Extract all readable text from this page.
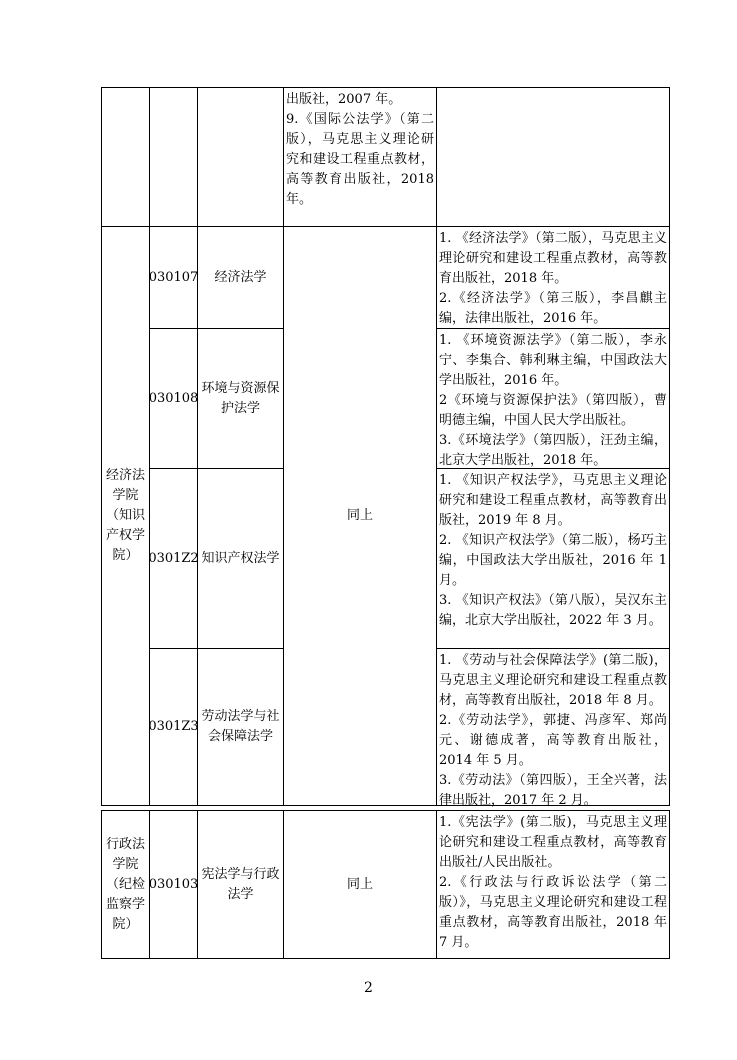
出版社，2007 年。
9.《国际公法学》（第二版），马克思主义理论研究和建设工程重点教材，高等教育出版社，2018 年。
经济法
学院
（知识
产权学
院）
030107	经济法学
030108
环境与资源保
护法学
0301Z2 知识产权法学
0301Z3
劳动法学与社
会保障法学
同上
1. 《经济法学》（第二版），马克思主义理论研究和建设工程重点教材，高等教育出版社，2018 年。
2.《经济法学》（第三版），李昌麒主编，法律出版社，2016 年。
1. 《环境资源法学》（第二版），李永宁、李集合、韩利琳主编，中国政法大学出版社，2016 年。
2《环境与资源保护法》（第四版），曹明德主编，中国人民大学出版社。
3.《环境法学》（第四版），汪劲主编，北京大学出版社，2018 年。
1. 《知识产权法学》，马克思主义理论研究和建设工程重点教材，高等教育出版社，2019 年 8 月。
2. 《知识产权法学》（第二版），杨巧主编，中国政法大学出版社，2016 年 1 月。
3. 《知识产权法》（第八版），吴汉东主编，北京大学出版社，2022 年 3 月。
1. 《劳动与社会保障法学》(第二版)，马克思主义理论研究和建设工程重点教材，高等教育出版社，2018 年 8 月。
2.《劳动法学》，郭捷、冯彦军、郑尚元、谢德成著，高等教育出版社，2014 年 5 月。
3.《劳动法》（第四版），王全兴著，法律出版社，2017 年 2 月。
行政法
学院
（纪检
监察学
院）
030103
宪法学与行政
法学
同上
1.《宪法学》(第二版)，马克思主义理论研究和建设工程重点教材，高等教育出版社/人民出版社。
2.《行政法与行政诉讼法学（第二版）》，马克思主义理论研究和建设工程重点教材，高等教育出版社，2018 年 7 月。
2
